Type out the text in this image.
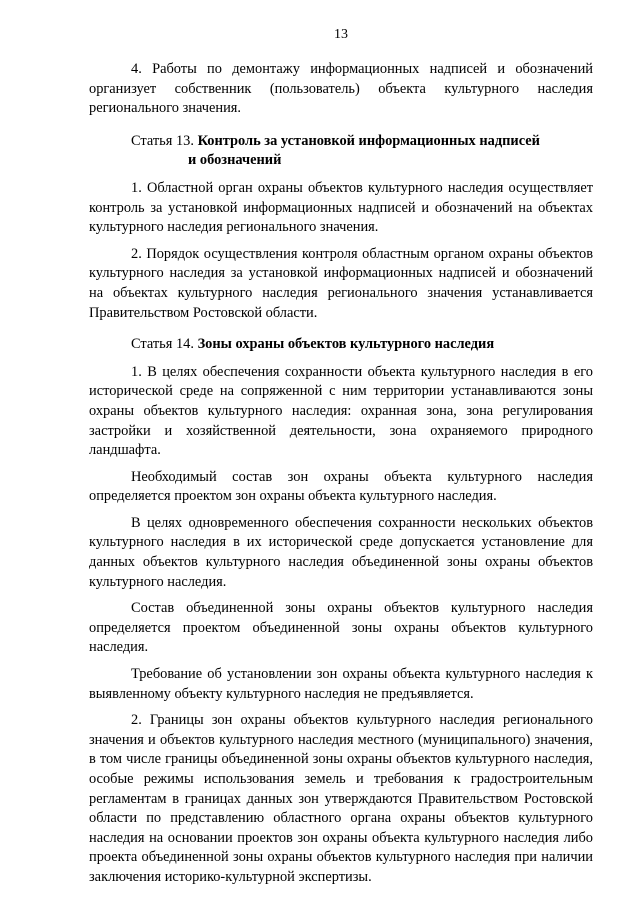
13

4. Работы по демонтажу информационных надписей и обозначений организует собственник (пользователь) объекта культурного наследия регионального значения.

Статья 13. Контроль за установкой информационных надписей
и обозначений

1. Областной орган охраны объектов культурного наследия осуществляет контроль за установкой информационных надписей и обозначений на объектах культурного наследия регионального значения.

2. Порядок осуществления контроля областным органом охраны объектов культурного наследия за установкой информационных надписей и обозначений на объектах культурного наследия регионального значения устанавливается Правительством Ростовской области.

Статья 14. Зоны охраны объектов культурного наследия

1. В целях обеспечения сохранности объекта культурного наследия в его исторической среде на сопряженной с ним территории устанавливаются зоны охраны объектов культурного наследия: охранная зона, зона регулирования застройки и хозяйственной деятельности, зона охраняемого природного ландшафта.

Необходимый состав зон охраны объекта культурного наследия определяется проектом зон охраны объекта культурного наследия.

В целях одновременного обеспечения сохранности нескольких объектов культурного наследия в их исторической среде допускается установление для данных объектов культурного наследия объединенной зоны охраны объектов культурного наследия.

Состав объединенной зоны охраны объектов культурного наследия определяется проектом объединенной зоны охраны объектов культурного наследия.

Требование об установлении зон охраны объекта культурного наследия к выявленному объекту культурного наследия не предъявляется.

2. Границы зон охраны объектов культурного наследия регионального значения и объектов культурного наследия местного (муниципального) значения, в том числе границы объединенной зоны охраны объектов культурного наследия, особые режимы использования земель и требования к градостроительным регламентам в границах данных зон утверждаются Правительством Ростовской области по представлению областного органа охраны объектов культурного наследия на основании проектов зон охраны объекта культурного наследия либо проекта объединенной зоны охраны объектов культурного наследия при наличии заключения историко-культурной экспертизы.
